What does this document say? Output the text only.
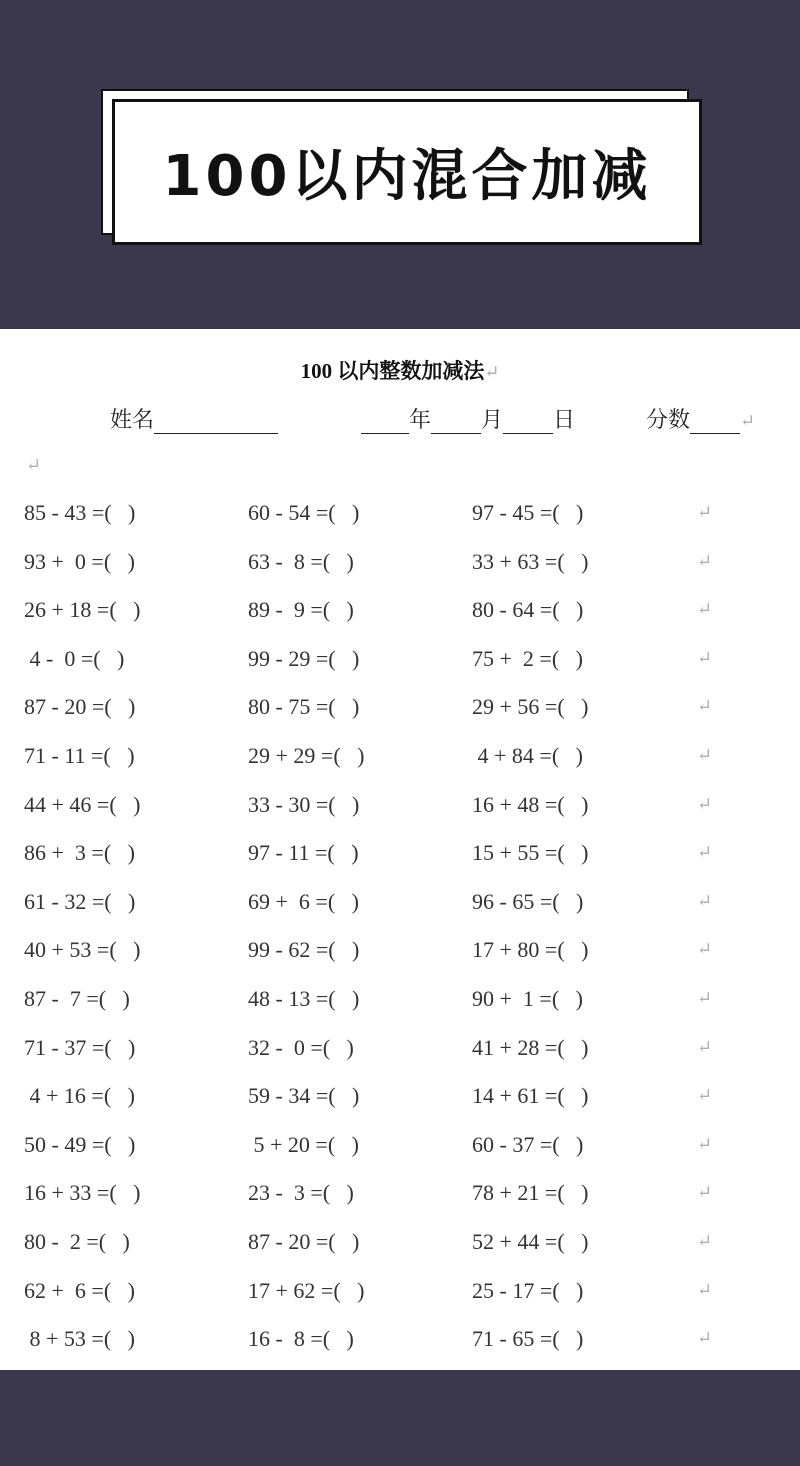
100以内混合加减
100 以内整数加减法↵
姓名	年 月 日	分数	↵
↵
85 - 43 =(   )	60 - 54 =(   )	97 - 45 =(   )	↵
93 +  0 =(   )	63 -  8 =(   )	33 + 63 =(   )	↵
26 + 18 =(   )	89 -  9 =(   )	80 - 64 =(   )	↵
4 -  0 =(   )	99 - 29 =(   )	75 +  2 =(   )	↵
87 - 20 =(   )	80 - 75 =(   )	29 + 56 =(   )	↵
71 - 11 =(   )	29 + 29 =(   )	4 + 84 =(   )	↵
44 + 46 =(   )	33 - 30 =(   )	16 + 48 =(   )	↵
86 +  3 =(   )	97 - 11 =(   )	15 + 55 =(   )	↵
61 - 32 =(   )	69 +  6 =(   )	96 - 65 =(   )	↵
40 + 53 =(   )	99 - 62 =(   )	17 + 80 =(   )	↵
87 -  7 =(   )	48 - 13 =(   )	90 +  1 =(   )	↵
71 - 37 =(   )	32 -  0 =(   )	41 + 28 =(   )	↵
4 + 16 =(   )	59 - 34 =(   )	14 + 61 =(   )	↵
50 - 49 =(   )	5 + 20 =(   )	60 - 37 =(   )	↵
16 + 33 =(   )	23 -  3 =(   )	78 + 21 =(   )	↵
80 -  2 =(   )	87 - 20 =(   )	52 + 44 =(   )	↵
62 +  6 =(   )	17 + 62 =(   )	25 - 17 =(   )	↵
8 + 53 =(   )	16 -  8 =(   )	71 - 65 =(   )	↵
